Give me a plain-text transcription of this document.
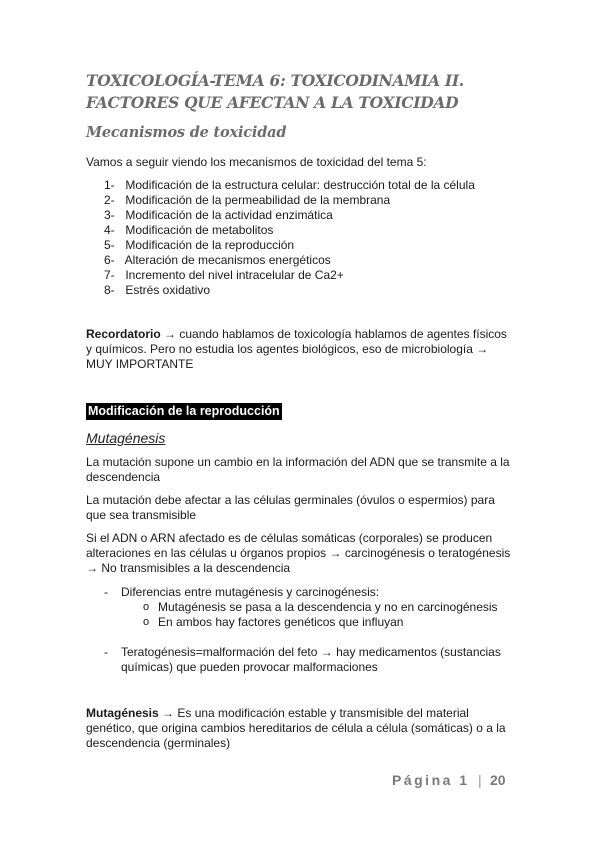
TOXICOLOGÍA-TEMA 6: TOXICODINAMIA II.
FACTORES QUE AFECTAN A LA TOXICIDAD
Mecanismos de toxicidad
Vamos a seguir viendo los mecanismos de toxicidad del tema 5:
1- Modificación de la estructura celular: destrucción total de la célula
2- Modificación de la permeabilidad de la membrana
3- Modificación de la actividad enzimática
4- Modificación de metabolitos
5- Modificación de la reproducción
6- Alteración de mecanismos energéticos
7- Incremento del nivel intracelular de Ca2+
8- Estrés oxidativo
Recordatorio → cuando hablamos de toxicología hablamos de agentes físicos
y químicos. Pero no estudia los agentes biológicos, eso de microbiología →
MUY IMPORTANTE
Modificación de la reproducción
Mutagénesis
La mutación supone un cambio en la información del ADN que se transmite a la
descendencia
La mutación debe afectar a las células germinales (óvulos o espermios) para
que sea transmisible
Si el ADN o ARN afectado es de células somáticas (corporales) se producen
alteraciones en las células u órganos propios → carcinogénesis o teratogénesis
→ No transmisibles a la descendencia
- Diferencias entre mutagénesis y carcinogénesis:
o Mutagénesis se pasa a la descendencia y no en carcinogénesis
o En ambos hay factores genéticos que influyan
- Teratogénesis=malformación del feto → hay medicamentos (sustancias
químicas) que pueden provocar malformaciones
Mutagénesis → Es una modificación estable y transmisible del material
genético, que origina cambios hereditarios de célula a célula (somáticas) o a la
descendencia (germinales)
Página 1 | 20
